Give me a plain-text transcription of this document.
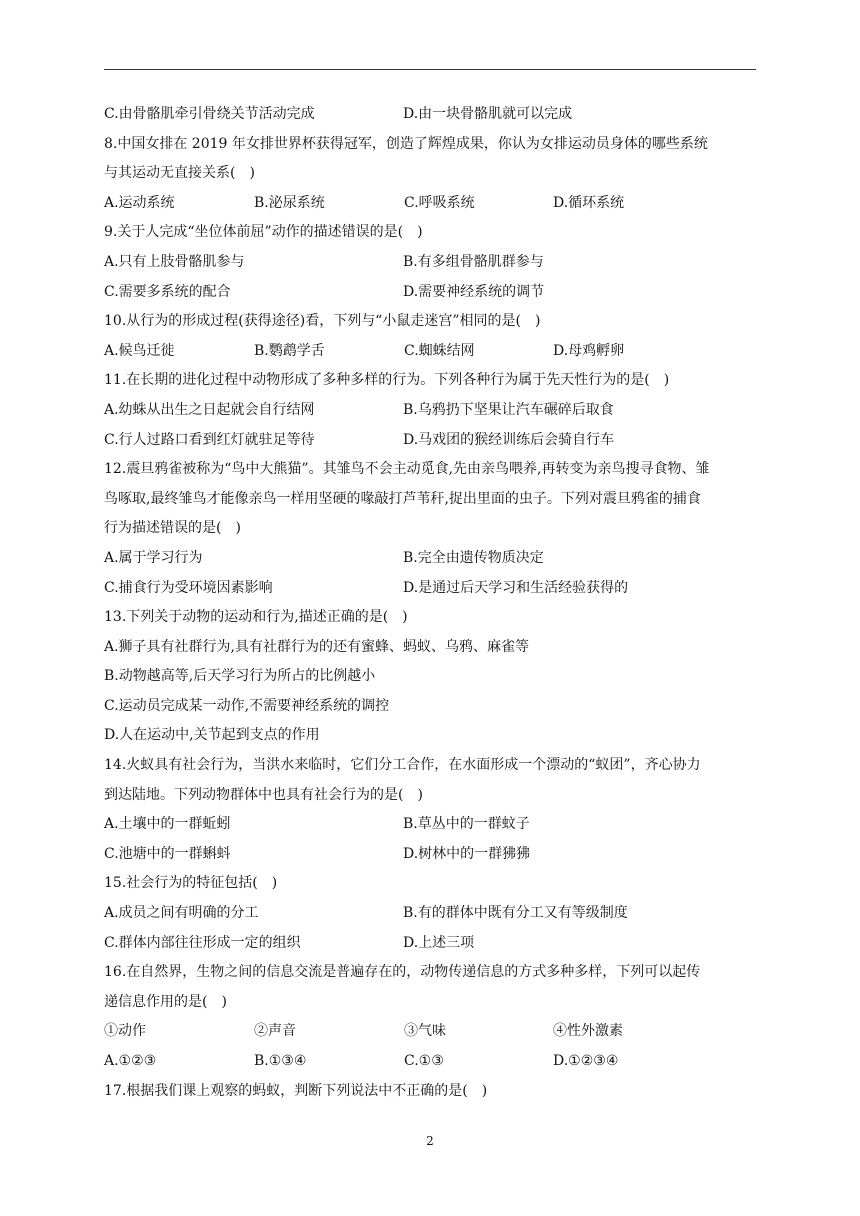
C.由骨骼肌牵引骨绕关节活动完成	D.由一块骨骼肌就可以完成
8.中国女排在 2019 年女排世界杯获得冠军，创造了辉煌成果，你认为女排运动员身体的哪些系统
与其运动无直接关系(　)
A.运动系统	B.泌尿系统	C.呼吸系统	D.循环系统
9.关于人完成“坐位体前屈”动作的描述错误的是(　)
A.只有上肢骨骼肌参与	B.有多组骨骼肌群参与
C.需要多系统的配合	D.需要神经系统的调节
10.从行为的形成过程(获得途径)看，下列与“小鼠走迷宫”相同的是(　)
A.候鸟迁徙	B.鹦鹉学舌	C.蜘蛛结网	D.母鸡孵卵
11.在长期的进化过程中动物形成了多种多样的行为。下列各种行为属于先天性行为的是(　)
A.幼蛛从出生之日起就会自行结网	B.乌鸦扔下坚果让汽车碾碎后取食
C.行人过路口看到红灯就驻足等待	D.马戏团的猴经训练后会骑自行车
12.震旦鸦雀被称为“鸟中大熊猫”。其雏鸟不会主动觅食,先由亲鸟喂养,再转变为亲鸟搜寻食物、雏
鸟啄取,最终雏鸟才能像亲鸟一样用坚硬的喙敲打芦苇秆,捉出里面的虫子。下列对震旦鸦雀的捕食
行为描述错误的是(　)
A.属于学习行为	B.完全由遗传物质决定
C.捕食行为受环境因素影响	D.是通过后天学习和生活经验获得的
13.下列关于动物的运动和行为,描述正确的是(　)
A.狮子具有社群行为,具有社群行为的还有蜜蜂、蚂蚁、乌鸦、麻雀等
B.动物越高等,后天学习行为所占的比例越小
C.运动员完成某一动作,不需要神经系统的调控
D.人在运动中,关节起到支点的作用
14.火蚁具有社会行为，当洪水来临时，它们分工合作，在水面形成一个漂动的“蚁团”，齐心协力
到达陆地。下列动物群体中也具有社会行为的是(　)
A.土壤中的一群蚯蚓	B.草丛中的一群蚊子
C.池塘中的一群蝌蚪	D.树林中的一群狒狒
15.社会行为的特征包括(　)
A.成员之间有明确的分工	B.有的群体中既有分工又有等级制度
C.群体内部往往形成一定的组织	D.上述三项
16.在自然界，生物之间的信息交流是普遍存在的，动物传递信息的方式多种多样，下列可以起传
递信息作用的是(　)
①动作	②声音	③气味	④性外激素
A.①②③	B.①③④	C.①③	D.①②③④
17.根据我们课上观察的蚂蚁，判断下列说法中不正确的是(　)
2
